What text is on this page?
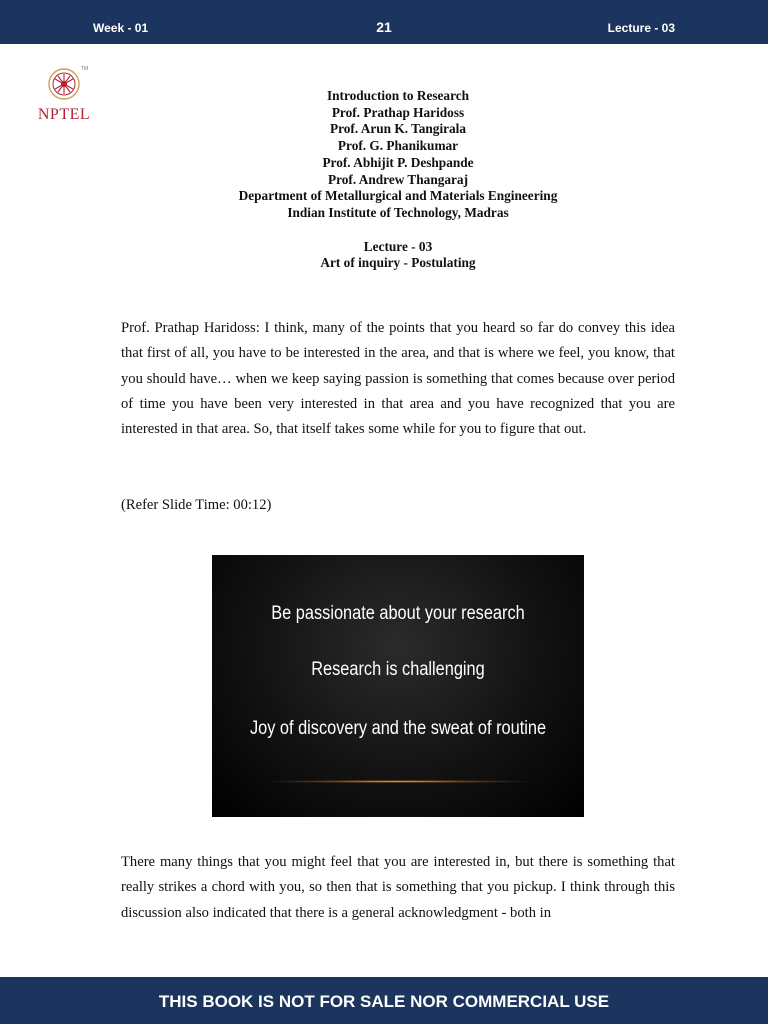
Week - 01	21	Lecture - 03
TM
NPTEL
Introduction to Research
Prof. Prathap Haridoss
Prof. Arun K. Tangirala
Prof. G. Phanikumar
Prof. Abhijit P. Deshpande
Prof. Andrew Thangaraj
Department of Metallurgical and Materials Engineering
Indian Institute of Technology, Madras
Lecture - 03
Art of inquiry - Postulating

Prof. Prathap Haridoss: I think, many of the points that you heard so far do convey this idea that first of all, you have to be interested in the area, and that is where we feel, you know, that you should have… when we keep saying passion is something that comes because over period of time you have been very interested in that area and you have recognized that you are interested in that area. So, that itself takes some while for you to figure that out.

(Refer Slide Time: 00:12)
Be passionate about your research
Research is challenging
Joy of discovery and the sweat of routine

There many things that you might feel that you are interested in, but there is something that really strikes a chord with you, so then that is something that you pickup. I think through this discussion also indicated that there is a general acknowledgment - both in

THIS BOOK IS NOT FOR SALE NOR COMMERCIAL USE
